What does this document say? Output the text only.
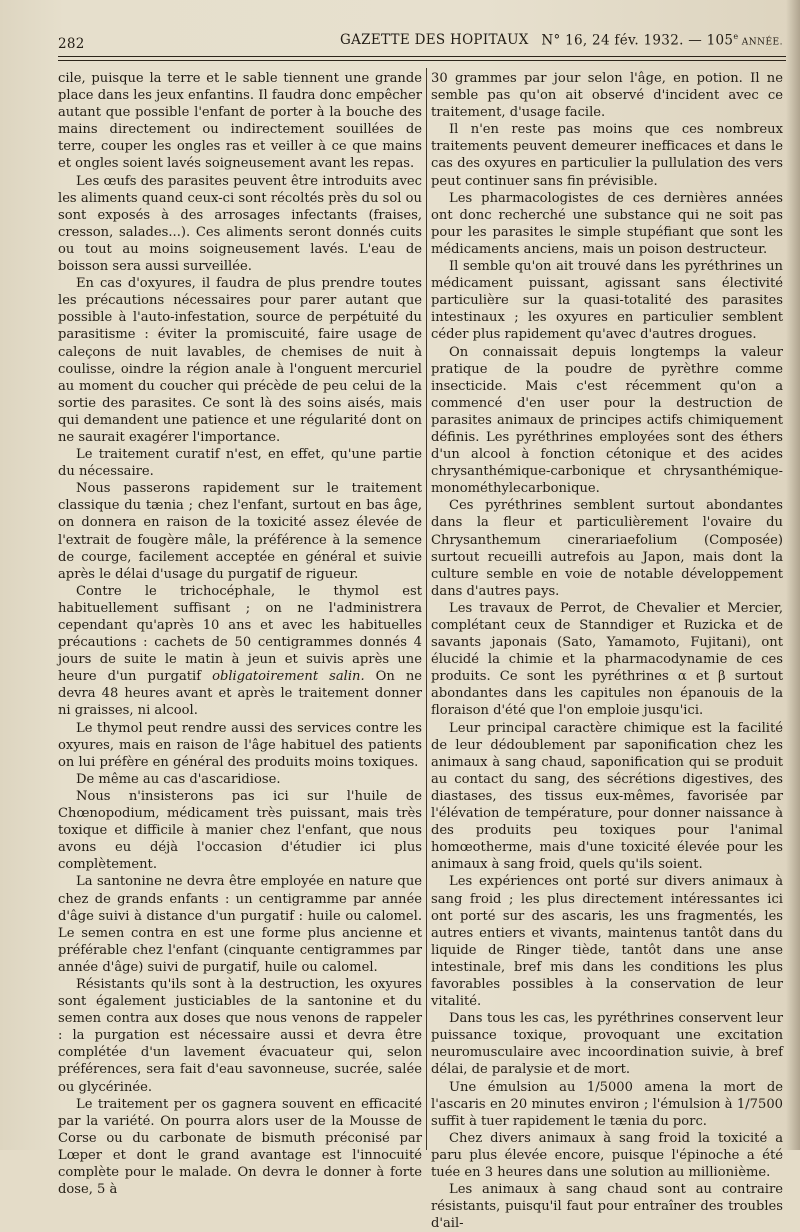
282	GAZETTE DES HOPITAUX N° 16, 24 fév. 1932. — 105e ANNÉE.

cile, puisque la terre et le sable tiennent une grande place dans les jeux enfantins. Il faudra donc empêcher autant que possible l'enfant de porter à la bouche des mains directement ou indirectement souillées de terre, couper les ongles ras et veiller à ce que mains et ongles soient lavés soigneusement avant les repas.

Les œufs des parasites peuvent être introduits avec les aliments quand ceux-ci sont récoltés près du sol ou sont exposés à des arrosages infectants (fraises, cresson, salades...). Ces aliments seront donnés cuits ou tout au moins soigneusement lavés. L'eau de boisson sera aussi surveillée.

En cas d'oxyures, il faudra de plus prendre toutes les précautions nécessaires pour parer autant que possible à l'auto-infestation, source de perpétuité du parasitisme : éviter la promiscuité, faire usage de caleçons de nuit lavables, de chemises de nuit à coulisse, oindre la région anale à l'onguent mercuriel au moment du coucher qui précède de peu celui de la sortie des parasites. Ce sont là des soins aisés, mais qui demandent une patience et une régularité dont on ne saurait exagérer l'importance.

Le traitement curatif n'est, en effet, qu'une partie du nécessaire.

Nous passerons rapidement sur le traitement classique du tænia ; chez l'enfant, surtout en bas âge, on donnera en raison de la toxicité assez élevée de l'extrait de fougère mâle, la préférence à la semence de courge, facilement acceptée en général et suivie après le délai d'usage du purgatif de rigueur.

Contre le trichocéphale, le thymol est habituellement suffisant ; on ne l'administrera cependant qu'après 10 ans et avec les habituelles précautions : cachets de 50 centigrammes donnés 4 jours de suite le matin à jeun et suivis après une heure d'un purgatif obligatoirement salin. On ne devra 48 heures avant et après le traitement donner ni graisses, ni alcool.

Le thymol peut rendre aussi des services contre les oxyures, mais en raison de l'âge habituel des patients on lui préfère en général des produits moins toxiques.

De même au cas d'ascaridiose.

Nous n'insisterons pas ici sur l'huile de Chœnopodium, médicament très puissant, mais très toxique et difficile à manier chez l'enfant, que nous avons eu déjà l'occasion d'étudier ici plus complètement.

La santonine ne devra être employée en nature que chez de grands enfants : un centigramme par année d'âge suivi à distance d'un purgatif : huile ou calomel. Le semen contra en est une forme plus ancienne et préférable chez l'enfant (cinquante centigrammes par année d'âge) suivi de purgatif, huile ou calomel.

Résistants qu'ils sont à la destruction, les oxyures sont également justiciables de la santonine et du semen contra aux doses que nous venons de rappeler : la purgation est nécessaire aussi et devra être complétée d'un lavement évacuateur qui, selon préférences, sera fait d'eau savonneuse, sucrée, salée ou glycérinée.

Le traitement per os gagnera souvent en efficacité par la variété. On pourra alors user de la Mousse de Corse ou du carbonate de bismuth préconisé par Lœper et dont le grand avantage est l'innocuité complète pour le malade. On devra le donner à forte dose, 5 à

30 grammes par jour selon l'âge, en potion. Il ne semble pas qu'on ait observé d'incident avec ce traitement, d'usage facile.

Il n'en reste pas moins que ces nombreux traitements peuvent demeurer inefficaces et dans le cas des oxyures en particulier la pullulation des vers peut continuer sans fin prévisible.

Les pharmacologistes de ces dernières années ont donc recherché une substance qui ne soit pas pour les parasites le simple stupéfiant que sont les médicaments anciens, mais un poison destructeur.

Il semble qu'on ait trouvé dans les pyréthrines un médicament puissant, agissant sans électivité particulière sur la quasi-totalité des parasites intestinaux ; les oxyures en particulier semblent céder plus rapidement qu'avec d'autres drogues.

On connaissait depuis longtemps la valeur pratique de la poudre de pyrèthre comme insecticide. Mais c'est récemment qu'on a commencé d'en user pour la destruction de parasites animaux de principes actifs chimiquement définis. Les pyréthrines employées sont des éthers d'un alcool à fonction cétonique et des acides chrysanthémique-carbonique et chrysanthémique-monométhylecarbonique.

Ces pyréthrines semblent surtout abondantes dans la fleur et particulièrement l'ovaire du Chrysanthemum cinerariaefolium (Composée) surtout recueilli autrefois au Japon, mais dont la culture semble en voie de notable développement dans d'autres pays.

Les travaux de Perrot, de Chevalier et Mercier, complétant ceux de Stanndiger et Ruzicka et de savants japonais (Sato, Yamamoto, Fujitani), ont élucidé la chimie et la pharmacodynamie de ces produits. Ce sont les pyréthrines α et β surtout abondantes dans les capitules non épanouis de la floraison d'été que l'on emploie jusqu'ici.

Leur principal caractère chimique est la facilité de leur dédoublement par saponification chez les animaux à sang chaud, saponification qui se produit au contact du sang, des sécrétions digestives, des diastases, des tissus eux-mêmes, favorisée par l'élévation de température, pour donner naissance à des produits peu toxiques pour l'animal homœotherme, mais d'une toxicité élevée pour les animaux à sang froid, quels qu'ils soient.

Les expériences ont porté sur divers animaux à sang froid ; les plus directement intéressantes ici ont porté sur des ascaris, les uns fragmentés, les autres entiers et vivants, maintenus tantôt dans du liquide de Ringer tiède, tantôt dans une anse intestinale, bref mis dans les conditions les plus favorables possibles à la conservation de leur vitalité.

Dans tous les cas, les pyréthrines conservent leur puissance toxique, provoquant une excitation neuromusculaire avec incoordination suivie, à bref délai, de paralysie et de mort.

Une émulsion au 1/5000 amena la mort de l'ascaris en 20 minutes environ ; l'émulsion à 1/7500 suffit à tuer rapidement le tænia du porc.

Chez divers animaux à sang froid la toxicité a paru plus élevée encore, puisque l'épinoche a été tuée en 3 heures dans une solution au millionième.

Les animaux à sang chaud sont au contraire résistants, puisqu'il faut pour entraîner des troubles d'ail-
